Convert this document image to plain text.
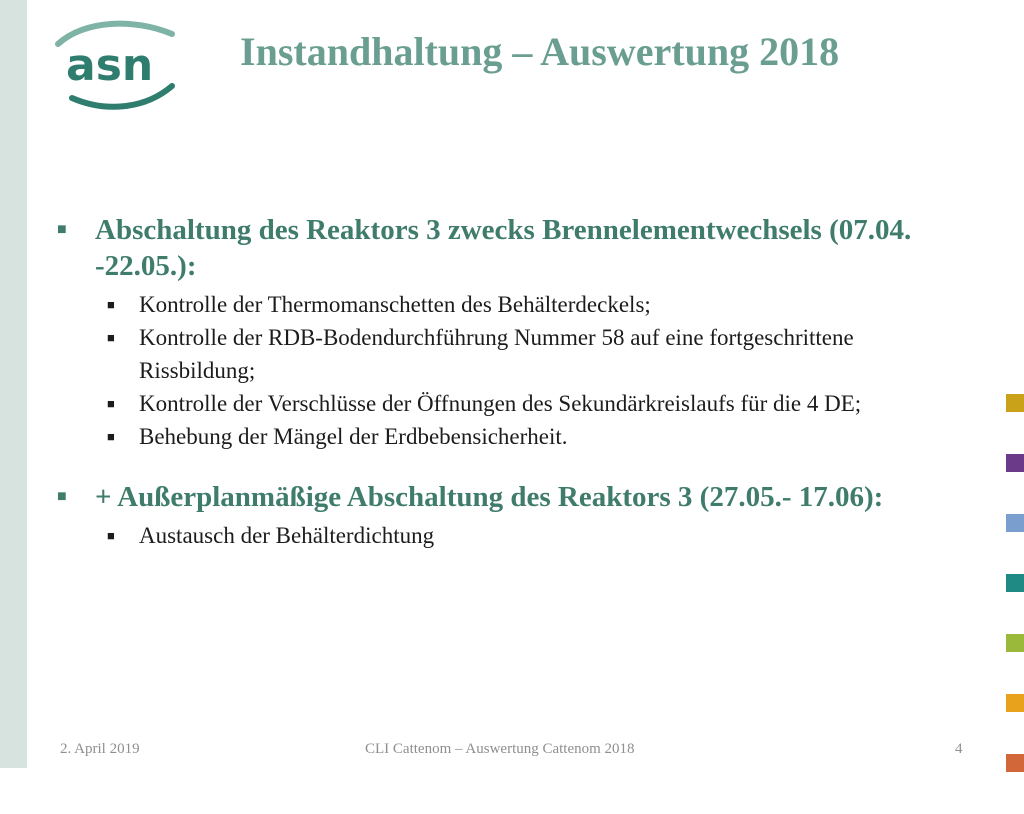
asn Instandhaltung – Auswertung 2018
■ Abschaltung des Reaktors 3 zwecks Brennelementwechsels (07.04. -22.05.):
■ Kontrolle der Thermomanschetten des Behälterdeckels;
■ Kontrolle der RDB-Bodendurchführung Nummer 58 auf eine fortgeschrittene Rissbildung;
■ Kontrolle der Verschlüsse der Öffnungen des Sekundärkreislaufs für die 4 DE;
■ Behebung der Mängel der Erdbebensicherheit.
■ + Außerplanmäßige Abschaltung des Reaktors 3 (27.05.- 17.06):
■ Austausch der Behälterdichtung
2. April 2019	CLI Cattenom – Auswertung Cattenom 2018	4
